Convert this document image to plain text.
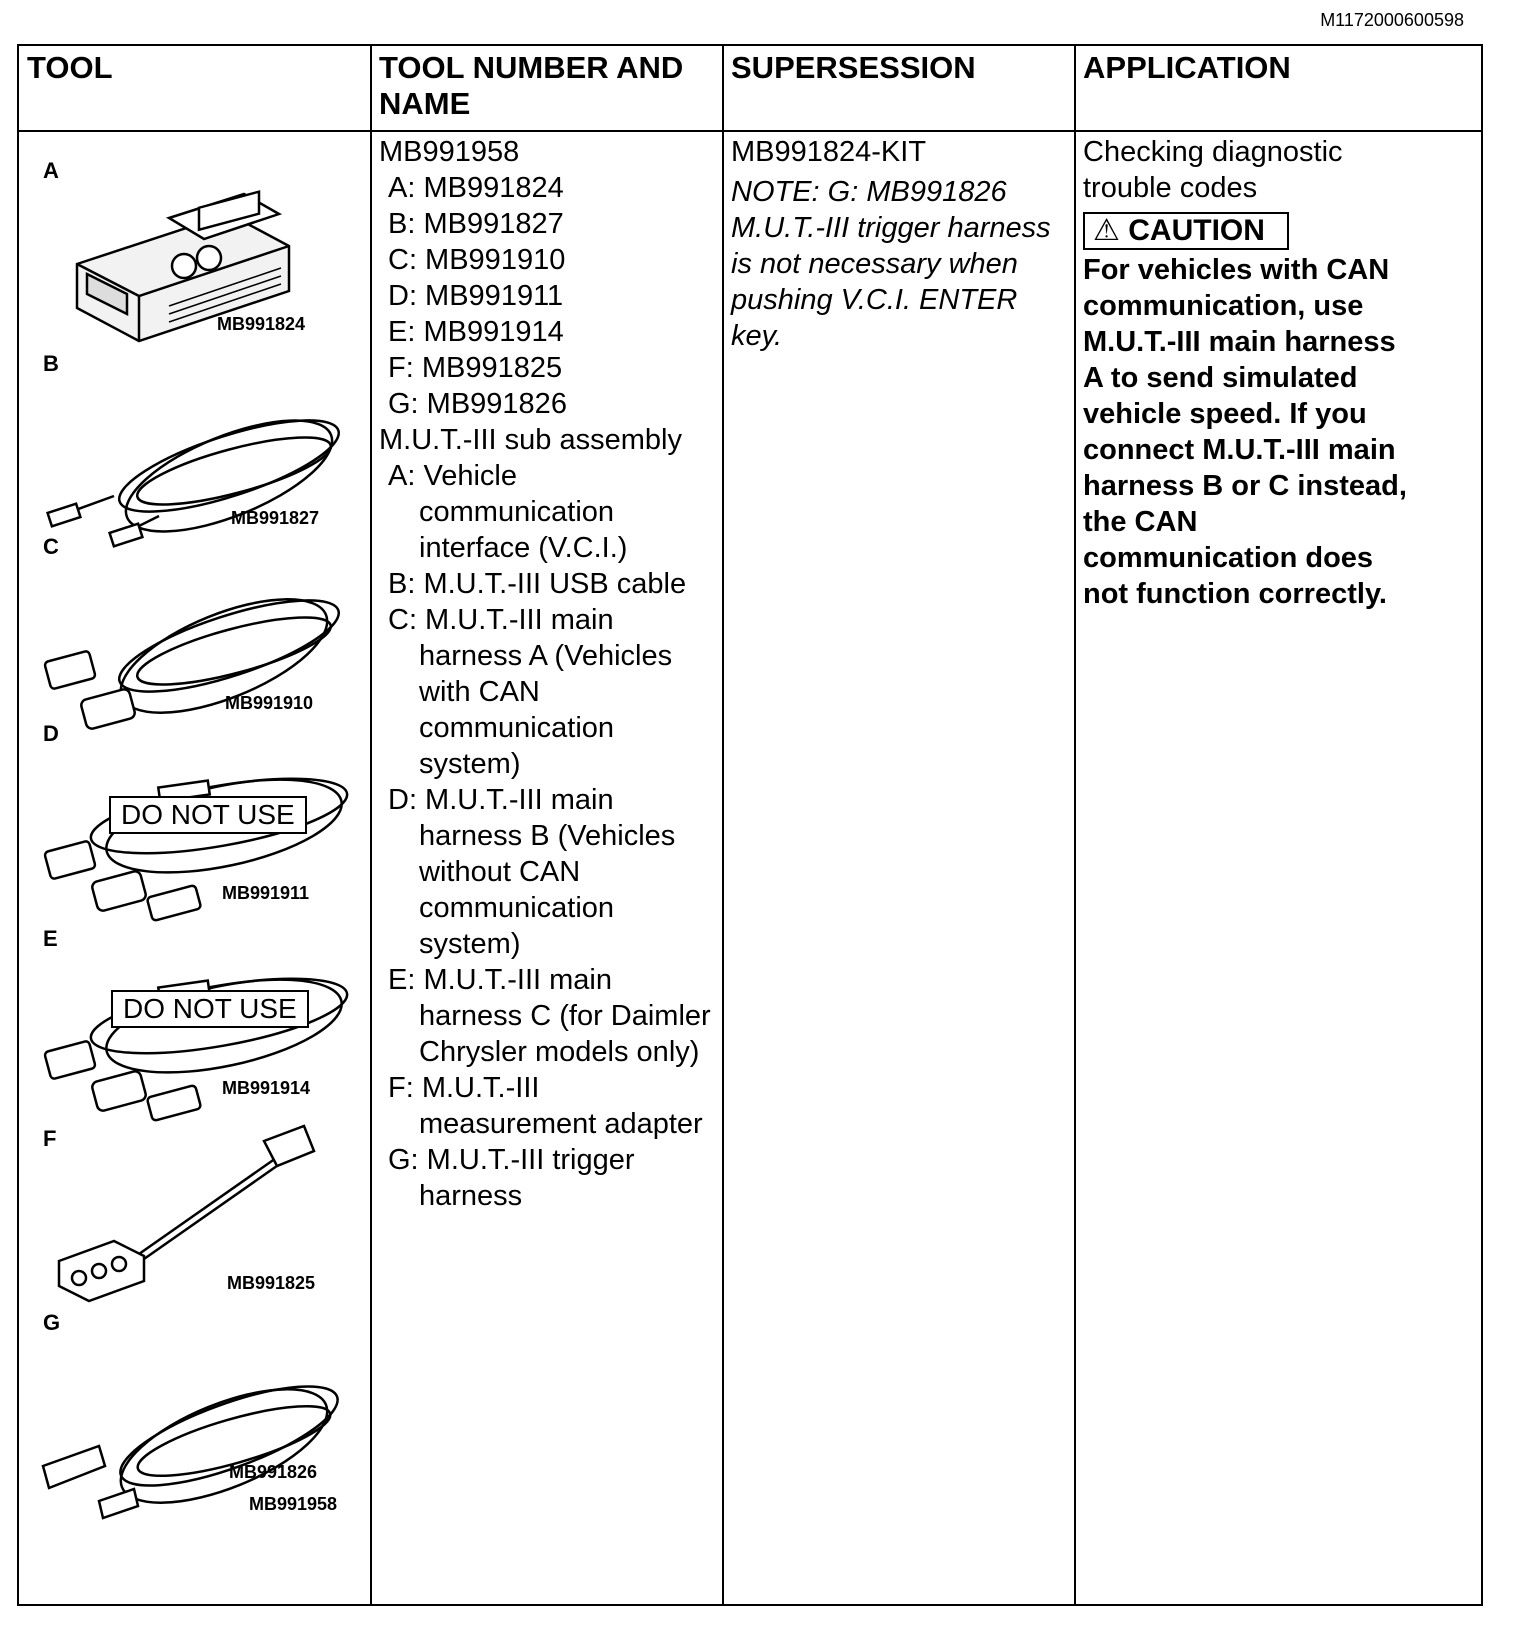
M1172000600598
TOOL	TOOL NUMBER AND NAME
SUPERSESSION	APPLICATION
A
MB991824
B
MB991827
C
MB991910
D
DO NOT USE
MB991911
E
DO NOT USE
MB991914
F
MB991825
G
MB991826
MB991958
MB991958
A: MB991824
B: MB991827
C: MB991910
D: MB991911
E: MB991914
F: MB991825
G: MB991826
M.U.T.-III sub assembly
A: Vehicle
communication
interface (V.C.I.)
B: M.U.T.-III USB cable
C: M.U.T.-III main
harness A (Vehicles
with CAN
communication
system)
D: M.U.T.-III main
harness B (Vehicles
without CAN
communication
system)
E: M.U.T.-III main
harness C (for Daimler
Chrysler models only)
F: M.U.T.-III
measurement adapter
G: M.U.T.-III trigger
harness
MB991824-KIT
NOTE: G: MB991826
M.U.T.-III trigger harness
is not necessary when
pushing V.C.I. ENTER
key.
Checking diagnostic
trouble codes
⚠ CAUTION
For vehicles with CAN
communication, use
M.U.T.-III main harness
A to send simulated
vehicle speed. If you
connect M.U.T.-III main
harness B or C instead,
the CAN
communication does
not function correctly.
